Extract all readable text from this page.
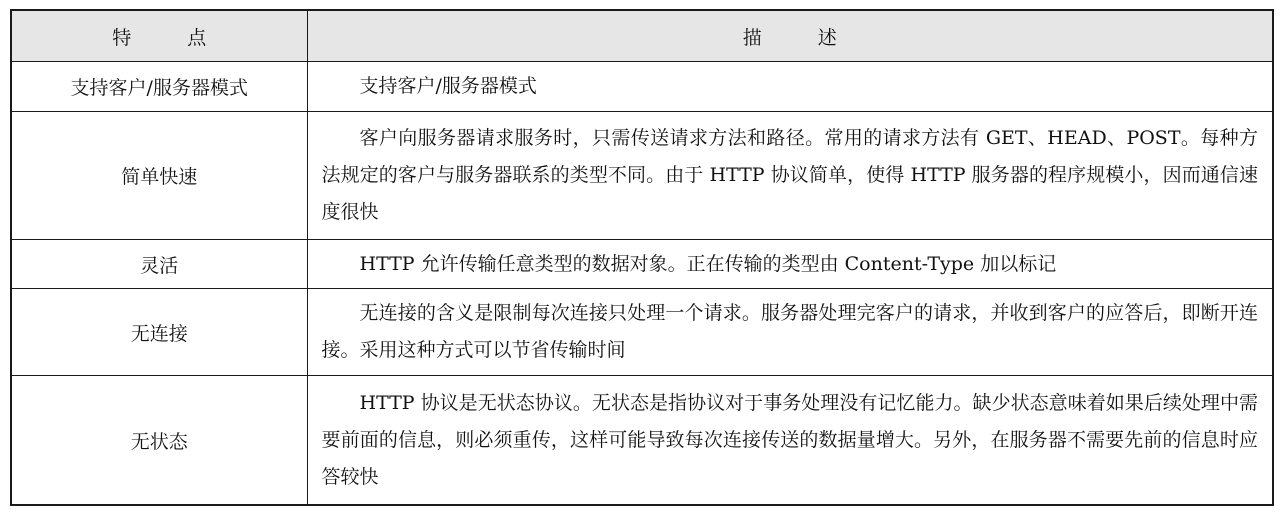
特 点	描 述
支持客户/服务器模式	支持客户/服务器模式

简单快速	客户向服务器请求服务时，只需传送请求方法和路径。常用的请求方法有 GET、HEAD、POST。每种方法规定的客户与服务器联系的类型不同。由于 HTTP 协议简单，使得 HTTP 服务器的程序规模小，因而通信速度很快

灵活	HTTP 允许传输任意类型的数据对象。正在传输的类型由 Content-Type 加以标记

无连接	无连接的含义是限制每次连接只处理一个请求。服务器处理完客户的请求，并收到客户的应答后，即断开连接。采用这种方式可以节省传输时间

无状态	HTTP 协议是无状态协议。无状态是指协议对于事务处理没有记忆能力。缺少状态意味着如果后续处理中需要前面的信息，则必须重传，这样可能导致每次连接传送的数据量增大。另外，在服务器不需要先前的信息时应答较快
